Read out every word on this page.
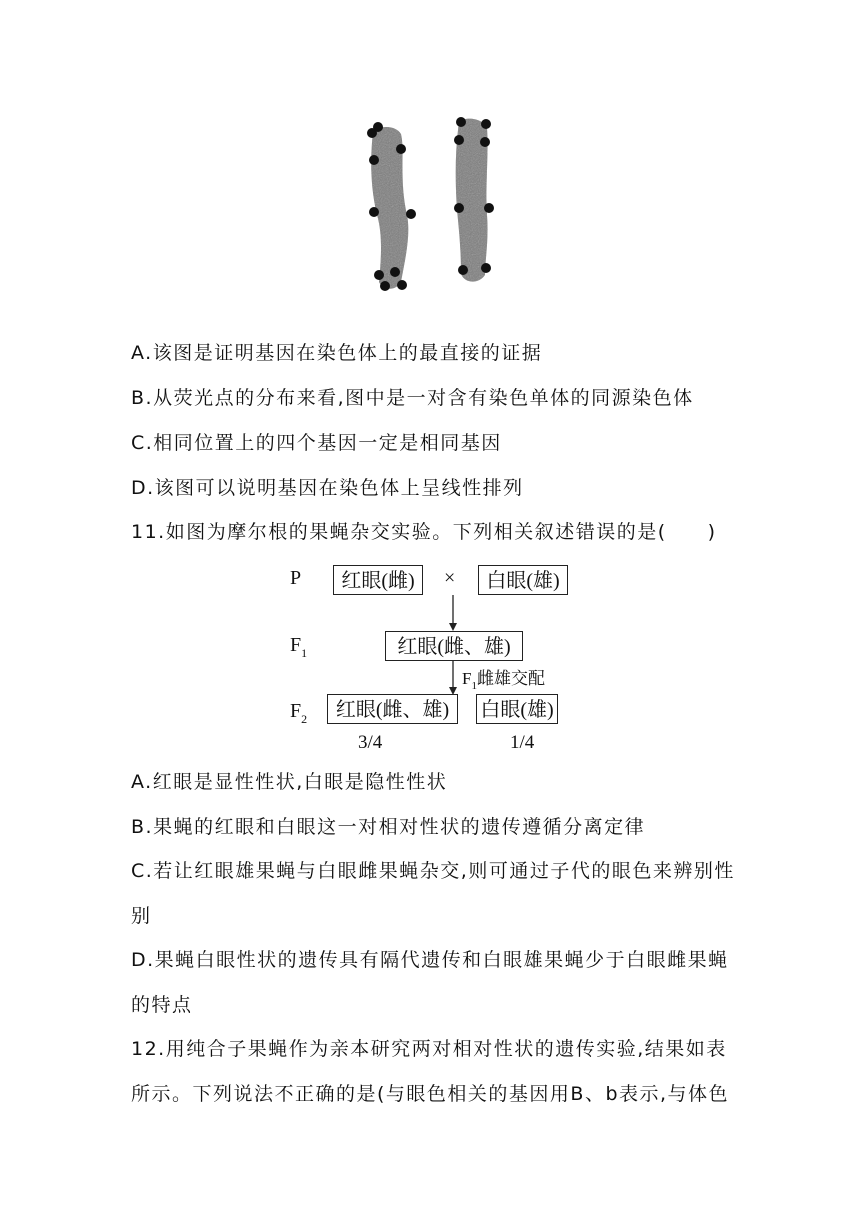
A.该图是证明基因在染色体上的最直接的证据
B.从荧光点的分布来看,图中是一对含有染色单体的同源染色体
C.相同位置上的四个基因一定是相同基因
D.该图可以说明基因在染色体上呈线性排列
11.如图为摩尔根的果蝇杂交实验。下列相关叙述错误的是(　　)
P	红眼(雌)	×	白眼(雄)
$F_1$	红眼(雌、雄)
$F_1$雌雄交配
$F_2$	红眼(雌、雄)	白眼(雄)
3/4	1/4
A.红眼是显性性状,白眼是隐性性状
B.果蝇的红眼和白眼这一对相对性状的遗传遵循分离定律
C.若让红眼雄果蝇与白眼雌果蝇杂交,则可通过子代的眼色来辨别性
别
D.果蝇白眼性状的遗传具有隔代遗传和白眼雄果蝇少于白眼雌果蝇
的特点
12.用纯合子果蝇作为亲本研究两对相对性状的遗传实验,结果如表
所示。下列说法不正确的是(与眼色相关的基因用B、b表示,与体色
